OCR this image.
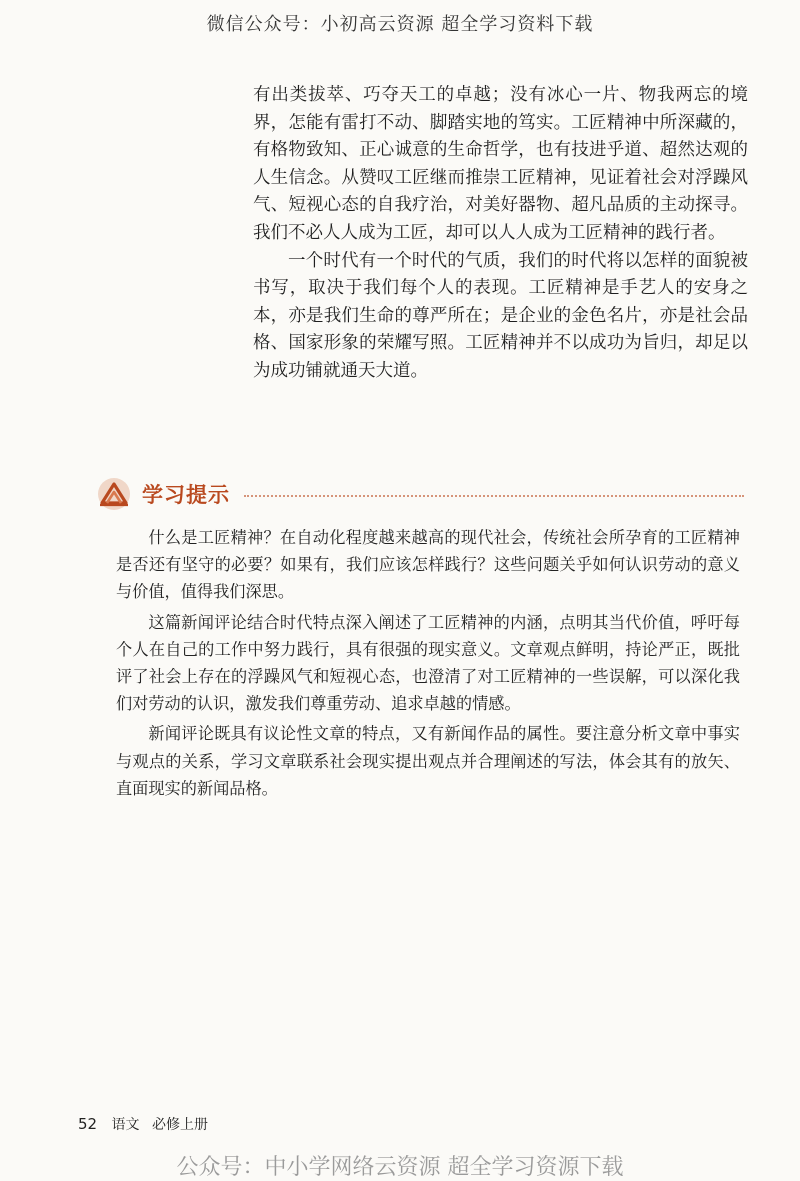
微信公众号：小初高云资源 超全学习资料下载

有出类拔萃、巧夺天工的卓越；没有冰心一片、物我两忘的境界，怎能有雷打不动、脚踏实地的笃实。工匠精神中所深藏的，有格物致知、正心诚意的生命哲学，也有技进乎道、超然达观的人生信念。从赞叹工匠继而推崇工匠精神，见证着社会对浮躁风气、短视心态的自我疗治，对美好器物、超凡品质的主动探寻。我们不必人人成为工匠，却可以人人成为工匠精神的践行者。

一个时代有一个时代的气质，我们的时代将以怎样的面貌被书写，取决于我们每个人的表现。工匠精神是手艺人的安身之本，亦是我们生命的尊严所在；是企业的金色名片，亦是社会品格、国家形象的荣耀写照。工匠精神并不以成功为旨归，却足以为成功铺就通天大道。

学习提示

什么是工匠精神？在自动化程度越来越高的现代社会，传统社会所孕育的工匠精神是否还有坚守的必要？如果有，我们应该怎样践行？这些问题关乎如何认识劳动的意义与价值，值得我们深思。

这篇新闻评论结合时代特点深入阐述了工匠精神的内涵，点明其当代价值，呼吁每个人在自己的工作中努力践行，具有很强的现实意义。文章观点鲜明，持论严正，既批评了社会上存在的浮躁风气和短视心态，也澄清了对工匠精神的一些误解，可以深化我们对劳动的认识，激发我们尊重劳动、追求卓越的情感。

新闻评论既具有议论性文章的特点，又有新闻作品的属性。要注意分析文章中事实与观点的关系，学习文章联系社会现实提出观点并合理阐述的写法，体会其有的放矢、直面现实的新闻品格。

52 语文 必修上册
公众号：中小学网络云资源 超全学习资源下载
